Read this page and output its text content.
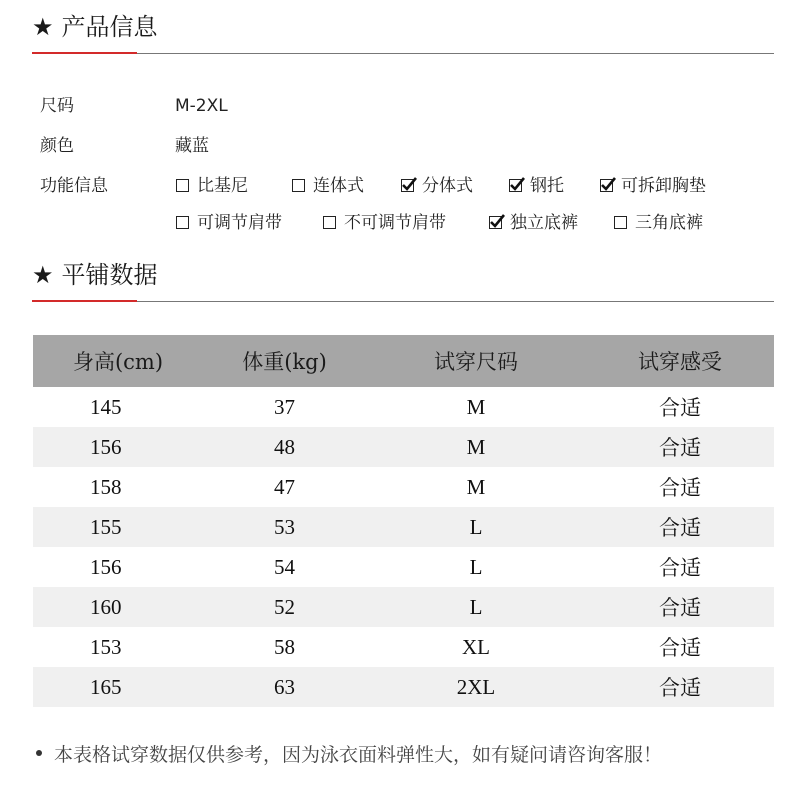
★ 产品信息
尺码	M-2XL
颜色	藏蓝
功能信息	比基尼	连体式	分体式	钢托	可拆卸胸垫
可调节肩带	不可调节肩带	独立底裤	三角底裤
★ 平铺数据
身高(cm)	体重(kg)	试穿尺码	试穿感受
145	37	M	合适
156	48	M	合适
158	47	M	合适
155	53	L	合适
156	54	L	合适
160	52	L	合适
153	58	XL	合适
165	63	2XL	合适
本表格试穿数据仅供参考，因为泳衣面料弹性大，如有疑问请咨询客服！
